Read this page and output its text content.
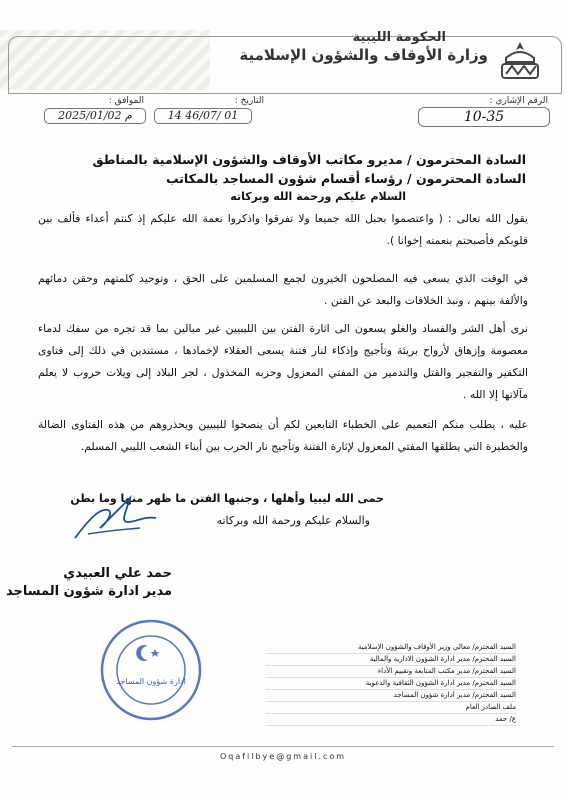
الحكومة الليبية
وزارة الأوقاف والشؤون الإسلامية
الرقم الإشاري :
10-35
التاريخ :
14 46/07/ 01
الموافق :
2025/01/02 م
السادة المحترمون / مديرو مكاتب الأوقاف والشؤون الإسلامية بالمناطق
السادة المحترمون / رؤساء أقسام شؤون المساجد بالمكاتب
السلام عليكم ورحمة الله وبركاته
يقول الله تعالى : ( واعتصموا بحبل الله جميعا ولا تفرقوا واذكروا نعمة الله عليكم إذ كنتم أعداء فألف بين قلوبكم فأصبحتم بنعمته إخوانا ).
في الوقت الذي يسعى فيه المصلحون الخيرون لجمع المسلمين على الحق ، وتوحيد كلمتهم وحقن دمائهم والألفة بينهم ، ونبذ الخلافات والبعد عن الفتن .
نرى أهل الشر والفساد والغلو يسعون الى اثارة الفتن بين الليبيين غير مبالين بما قد تجره من سفك لدماء معصومة وإزهاق لأرواح بريئة وتأجيج وإذكاء لنار فتنة يسعى العقلاء لإخمادها ، مستندين في ذلك إلى فتاوى التكفير والتفجير والقتل والتدمير من المفتي المعزول وحزبه المخذول ، لجر البلاد إلى ويلات حروب لا يعلم مآلاتها إلا الله .
عليه ، يطلب منكم التعميم على الخطباء التابعين لكم أن ينصحوا لليبيين ويحذروهم من هذه الفتاوى الضالة والخطيرة التي يطلقها المفتي المعزول لإثارة الفتنة وتأجيج نار الحرب بين أبناء الشعب الليبي المسلم.
حمى الله ليبيا وأهلها ، وجنبها الفتن ما ظهر منها وما بطن
والسلام عليكم ورحمة الله وبركاته
حمد علي العبيدي
مدير ادارة شؤون المساجد
ادارة شؤون المساجد
السيد المحترم/ معالي وزير الأوقاف والشؤون الإسلامية
السيد المحترم/ مدير ادارة الشؤون الادارية والمالية
السيد المحترم/ مدير مكتب المتابعة وتقييم الأداء
السيد المحترم/ مدير ادارة الشؤون الثقافية والدعوية
السيد المحترم/ مدير ادارة شؤون المساجد
ملف الصادر العام
ع/ حمد
Oqafilbye@gmail.com
